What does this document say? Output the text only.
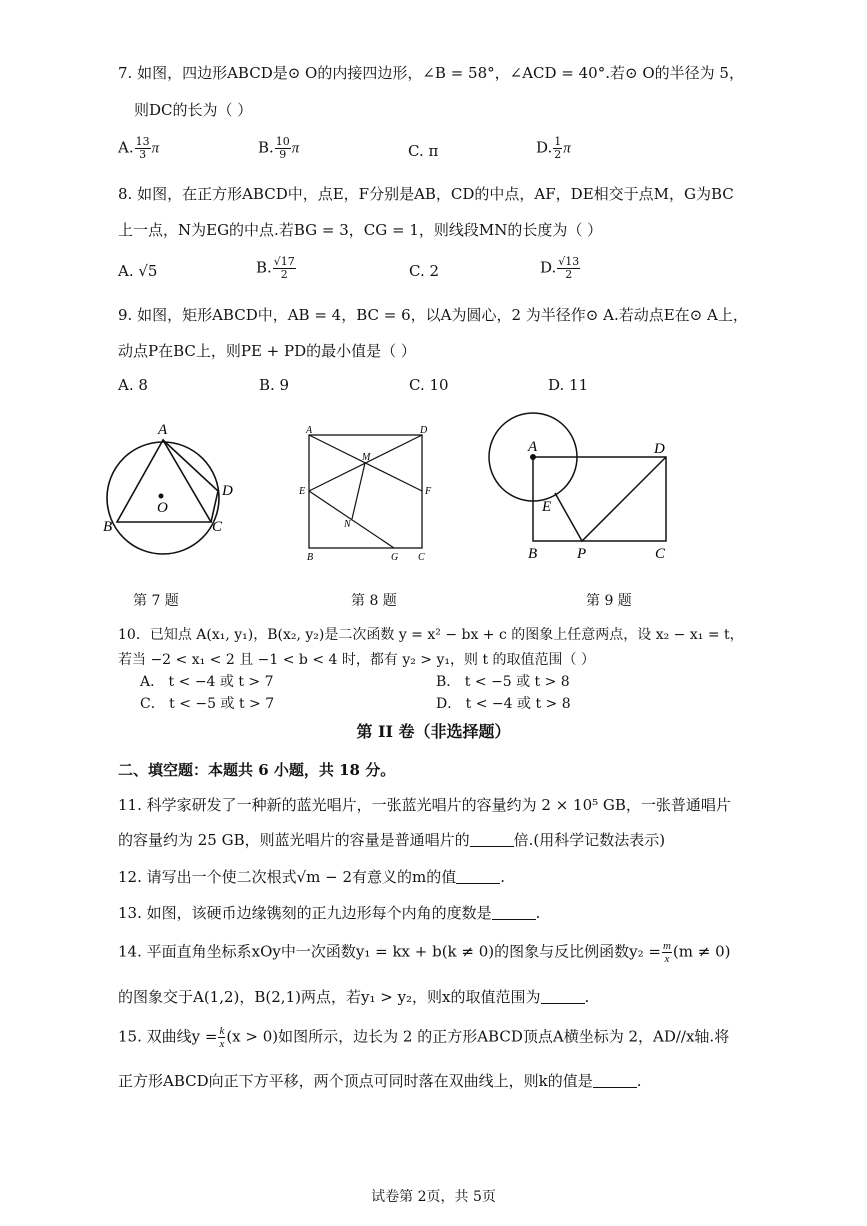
7. 如图，四边形ABCD是⊙ O的内接四边形，∠B = 58°，∠ACD = 40°.若⊙ O的半径为 5，
则DC的长为（ ）
A. $\frac{13}{3}$ π	B. $\frac{10}{9}$ π	C. π	D. $\frac{1}{2}$ π
8. 如图，在正方形ABCD中，点E，F分别是AB，CD的中点，AF，DE相交于点M，G为BC
上一点，N为EG的中点.若BG = 3，CG = 1，则线段MN的长度为（ ）
A. √5	B. $\frac{√17}{2}$	C. 2	D. $\frac{√13}{2}$
9. 如图，矩形ABCD中，AB = 4，BC = 6，以A为圆心，2 为半径作⊙ A.若动点E在⊙ A上，
动点P在BC上，则PE + PD的最小值是（ ）
A. 8	B. 9	C. 10	D. 11
A
B	C
D
O
A	D
E	F
M
N
B	G C
A	D
E
B	P	C
第 7 题	第 8 题	第 9 题
10．已知点 A(x₁, y₁)，B(x₂, y₂)是二次函数 y = x² − bx + c 的图象上任意两点，设 x₂ − x₁ = t，
若当 −2 < x₁ < 2 且 −1 < b < 4 时，都有 y₂ > y₁，则 t 的取值范围（ ）
A． t < −4 或 t > 7	B． t < −5 或 t > 8
C． t < −5 或 t > 7	D． t < −4 或 t > 8
第 II 卷（非选择题）
二、填空题：本题共 6 小题，共 18 分。
11. 科学家研发了一种新的蓝光唱片，一张蓝光唱片的容量约为 2 × 10⁵ GB，一张普通唱片
的容量约为 25 GB，则蓝光唱片的容量是普通唱片的	倍.(用科学记数法表示)
12. 请写出一个使二次根式√m − 2有意义的m的值	.
13. 如图，该硬币边缘镌刻的正九边形每个内角的度数是	.
14. 平面直角坐标系xOy中一次函数y₁ = kx + b(k ≠ 0)的图象与反比例函数$y_2 = \frac{m}{x} (m \ne 0)$
的图象交于A(1,2)，B(2,1)两点，若y₁ > y₂，则x的取值范围为	.
15. 双曲线$y = \frac{k}{x} (x > 0)$如图所示，边长为 2 的正方形ABCD顶点A横坐标为 2，AD//x轴.将
正方形ABCD向正下方平移，两个顶点可同时落在双曲线上，则k的值是	.
试卷第 2页，共 5页
